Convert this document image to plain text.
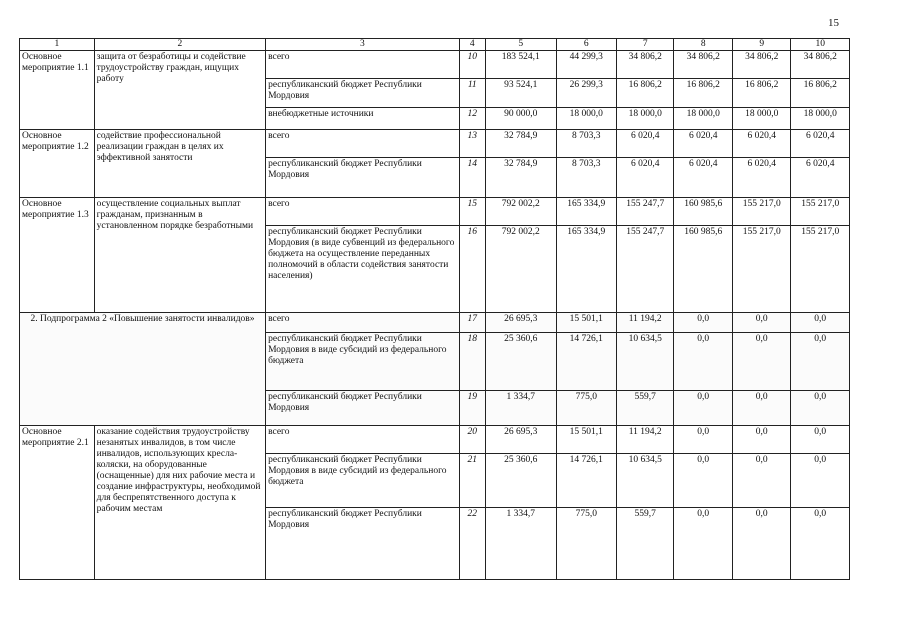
15
1	2	3	4	5	6	7	8	9	10
Основное мероприятие 1.1	защита от безработицы и содействие трудоустройству граждан, ищущих работу	всего	10	183 524,1	44 299,3	34 806,2	34 806,2	34 806,2	34 806,2
		республиканский бюджет Республики Мордовия	11	93 524,1	26 299,3	16 806,2	16 806,2	16 806,2	16 806,2
		внебюджетные источники	12	90 000,0	18 000,0	18 000,0	18 000,0	18 000,0	18 000,0
Основное мероприятие 1.2	содействие профессиональной реализации граждан в целях их эффективной занятости	всего	13	32 784,9	8 703,3	6 020,4	6 020,4	6 020,4	6 020,4
		республиканский бюджет Республики Мордовия	14	32 784,9	8 703,3	6 020,4	6 020,4	6 020,4	6 020,4
Основное мероприятие 1.3	осуществление социальных выплат гражданам, признанным в установленном порядке безработными	всего	15	792 002,2	165 334,9	155 247,7	160 985,6	155 217,0	155 217,0
		республиканский бюджет Республики Мордовия (в виде субвенций из федерального бюджета на осуществление переданных полномочий в области содействия занятости населения)	16	792 002,2	165 334,9	155 247,7	160 985,6	155 217,0	155 217,0
2. Подпрограмма 2 «Повышение занятости инвалидов»		всего	17	26 695,3	15 501,1	11 194,2	0,0	0,0	0,0
		республиканский бюджет Республики Мордовия в виде субсидий из федерального бюджета	18	25 360,6	14 726,1	10 634,5	0,0	0,0	0,0
		республиканский бюджет Республики Мордовия	19	1 334,7	775,0	559,7	0,0	0,0	0,0
Основное мероприятие 2.1	оказание содействия трудоустройству незанятых инвалидов, в том числе инвалидов, использующих кресла-коляски, на оборудованные (оснащенные) для них рабочие места и создание инфраструктуры, необходимой для беспрепятственного доступа к рабочим местам	всего	20	26 695,3	15 501,1	11 194,2	0,0	0,0	0,0
		республиканский бюджет Республики Мордовия в виде субсидий из федерального бюджета	21	25 360,6	14 726,1	10 634,5	0,0	0,0	0,0
		республиканский бюджет Республики Мордовия	22	1 334,7	775,0	559,7	0,0	0,0	0,0
